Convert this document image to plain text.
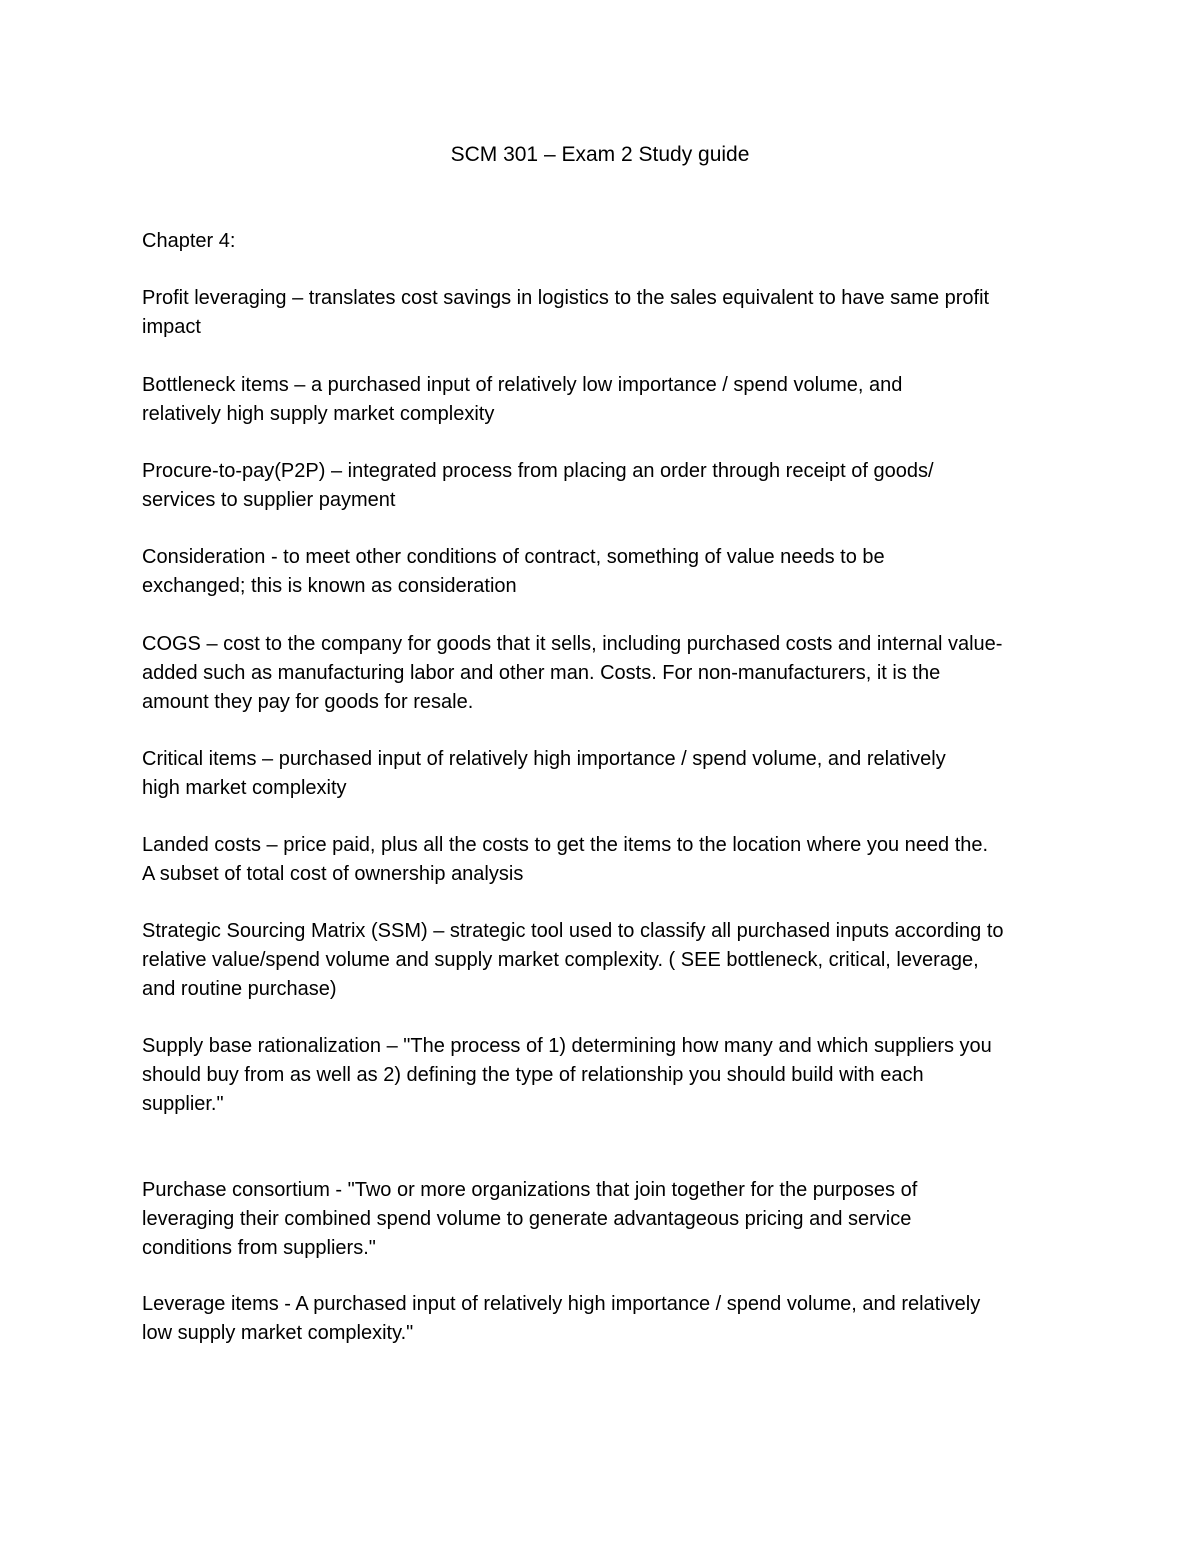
SCM 301 – Exam 2 Study guide

Chapter 4:

Profit leveraging – translates cost savings in logistics to the sales equivalent to have same profit
impact

Bottleneck items – a purchased input of relatively low importance / spend volume, and
relatively high supply market complexity

Procure-to-pay(P2P) – integrated process from placing an order through receipt of goods/
services to supplier payment

Consideration - to meet other conditions of contract, something of value needs to be
exchanged; this is known as consideration

COGS – cost to the company for goods that it sells, including purchased costs and internal value-
added such as manufacturing labor and other man. Costs. For non-manufacturers, it is the
amount they pay for goods for resale.

Critical items – purchased input of relatively high importance / spend volume, and relatively
high market complexity

Landed costs – price paid, plus all the costs to get the items to the location where you need the.
A subset of total cost of ownership analysis

Strategic Sourcing Matrix (SSM) – strategic tool used to classify all purchased inputs according to
relative value/spend volume and supply market complexity. ( SEE bottleneck, critical, leverage,
and routine purchase)

Supply base rationalization – "The process of 1) determining how many and which suppliers you
should buy from as well as 2) defining the type of relationship you should build with each
supplier."

Purchase consortium - "Two or more organizations that join together for the purposes of
leveraging their combined spend volume to generate advantageous pricing and service
conditions from suppliers."

Leverage items - A purchased input of relatively high importance / spend volume, and relatively
low supply market complexity."
